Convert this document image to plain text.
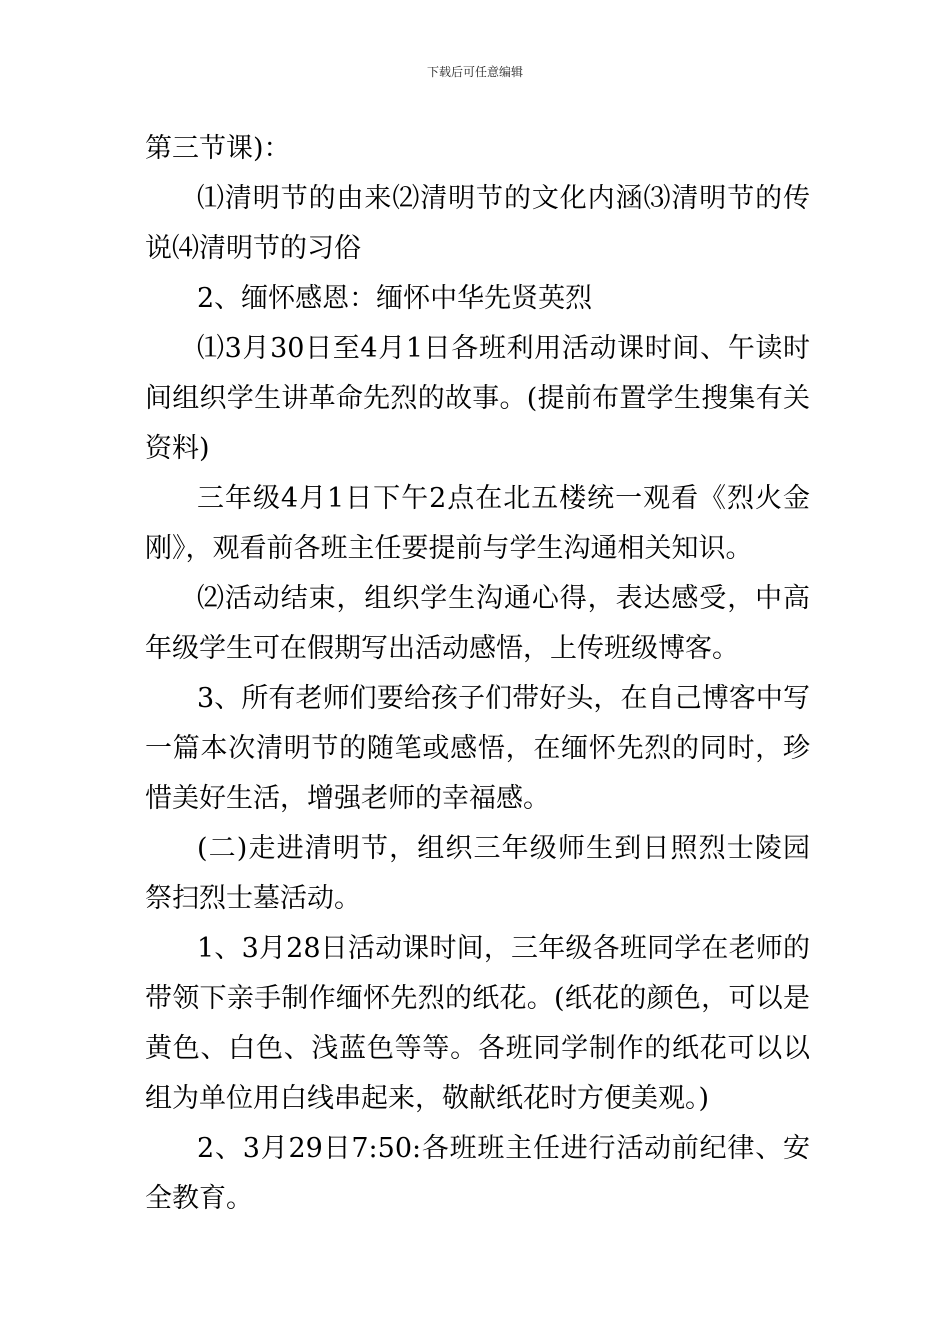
下载后可任意编辑

第三节课)：

⑴清明节的由来⑵清明节的文化内涵⑶清明节的传说⑷清明节的习俗

2、缅怀感恩：缅怀中华先贤英烈

⑴3月30日至4月1日各班利用活动课时间、午读时间组织学生讲革命先烈的故事。(提前布置学生搜集有关资料)

三年级4月1日下午2点在北五楼统一观看《烈火金刚》，观看前各班主任要提前与学生沟通相关知识。

⑵活动结束，组织学生沟通心得，表达感受，中高年级学生可在假期写出活动感悟，上传班级博客。

3、所有老师们要给孩子们带好头，在自己博客中写一篇本次清明节的随笔或感悟，在缅怀先烈的同时，珍惜美好生活，增强老师的幸福感。

(二)走进清明节，组织三年级师生到日照烈士陵园祭扫烈士墓活动。

1、3月28日活动课时间，三年级各班同学在老师的带领下亲手制作缅怀先烈的纸花。(纸花的颜色，可以是黄色、白色、浅蓝色等等。各班同学制作的纸花可以以组为单位用白线串起来，敬献纸花时方便美观。)

2、3月29日7:50:各班班主任进行活动前纪律、安全教育。
